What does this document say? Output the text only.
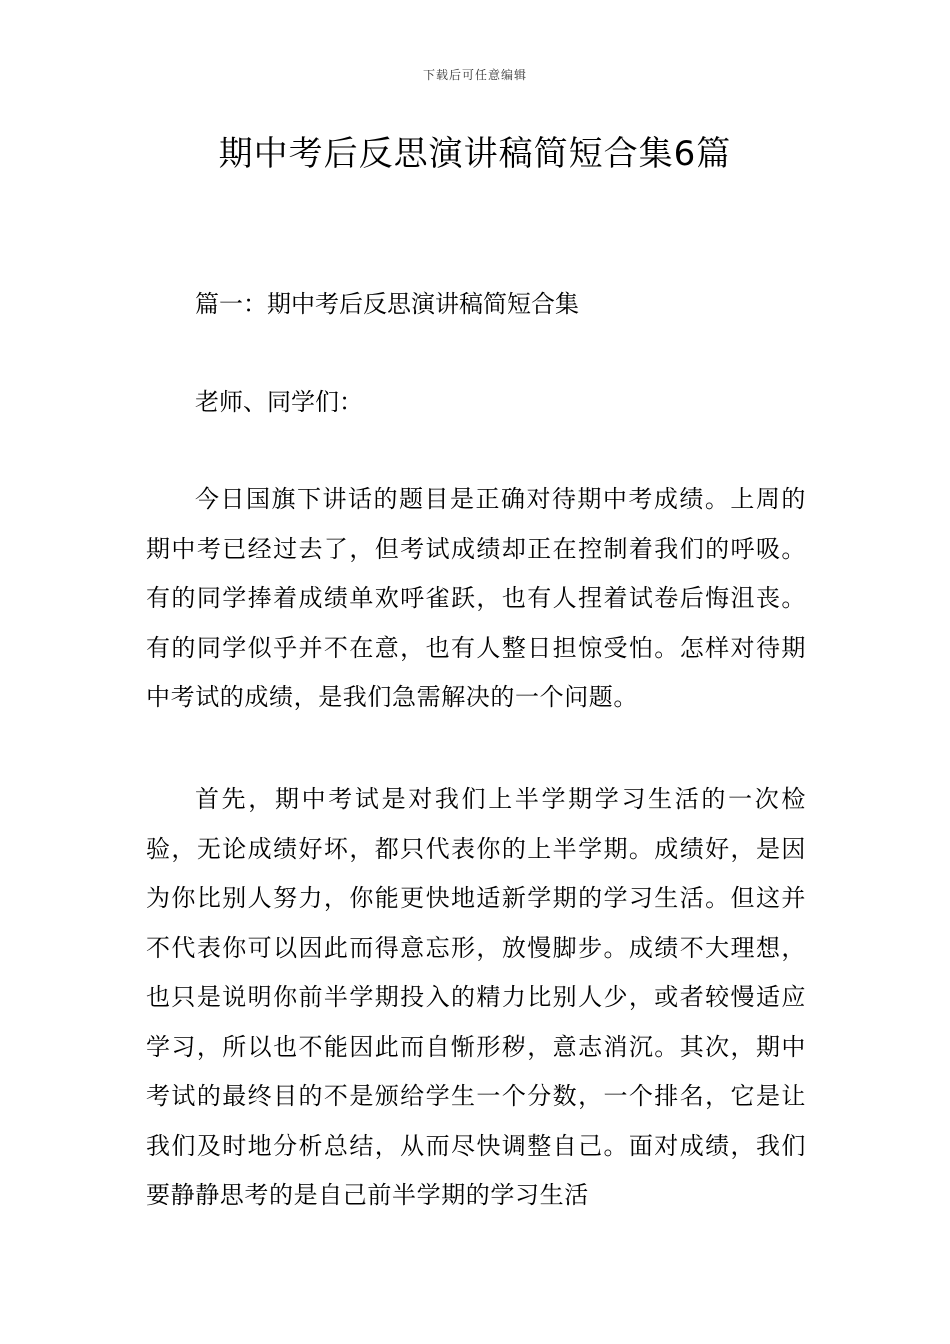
下载后可任意编辑
期中考后反思演讲稿简短合集6篇

篇一：期中考后反思演讲稿简短合集

老师、同学们：

今日国旗下讲话的题目是正确对待期中考成绩。上周的期中考已经过去了，但考试成绩却正在控制着我们的呼吸。有的同学捧着成绩单欢呼雀跃，也有人捏着试卷后悔沮丧。有的同学似乎并不在意，也有人整日担惊受怕。怎样对待期中考试的成绩，是我们急需解决的一个问题。

首先，期中考试是对我们上半学期学习生活的一次检验，无论成绩好坏，都只代表你的上半学期。成绩好，是因为你比别人努力，你能更快地适新学期的学习生活。但这并不代表你可以因此而得意忘形，放慢脚步。成绩不大理想，也只是说明你前半学期投入的精力比别人少，或者较慢适应学习，所以也不能因此而自惭形秽，意志消沉。其次，期中考试的最终目的不是颁给学生一个分数，一个排名，它是让我们及时地分析总结，从而尽快调整自己。面对成绩，我们要静静思考的是自己前半学期的学习生活
